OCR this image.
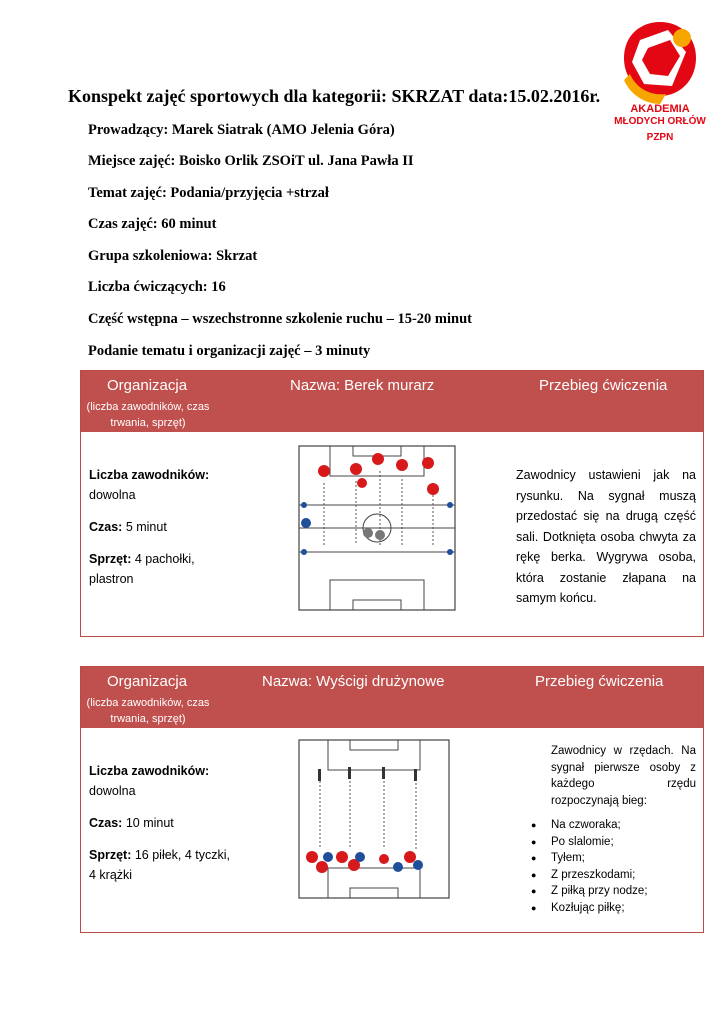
AKADEMIA
MŁODYCH ORŁÓW
PZPN
Konspekt zajęć sportowych dla kategorii: SKRZAT data:15.02.2016r.
Prowadzący: Marek Siatrak (AMO Jelenia Góra)
Miejsce zajęć: Boisko Orlik ZSOiT ul. Jana Pawła II
Temat zajęć: Podania/przyjęcia +strzał
Czas zajęć: 60 minut
Grupa szkoleniowa: Skrzat
Liczba ćwiczących: 16
Część wstępna – wszechstronne szkolenie ruchu – 15-20 minut
Podanie tematu i organizacji zajęć – 3 minuty
Organizacja
(liczba zawodników, czas trwania, sprzęt)
Nazwa: Berek murarz	Przebieg ćwiczenia

Liczba zawodników:
dowolna

Czas: 5 minut

Sprzęt: 4 pachołki, plastron

Zawodnicy ustawieni jak na rysunku. Na sygnał muszą przedostać się na drugą część sali. Dotknięta osoba chwyta za rękę berka. Wygrywa osoba, która zostanie złapana na samym końcu.
Organizacja
(liczba zawodników, czas trwania, sprzęt)
Nazwa: Wyścigi drużynowe	Przebieg ćwiczenia

Liczba zawodników:
dowolna

Czas: 10 minut

Sprzęt: 16 piłek, 4 tyczki, 4 krążki

Zawodnicy w rzędach. Na sygnał pierwsze osoby z każdego rzędu rozpoczynają bieg:
● Na czworaka;
● Po slalomie;
● Tyłem;
● Z przeszkodami;
● Z piłką przy nodze;
● Kozłując piłkę;
